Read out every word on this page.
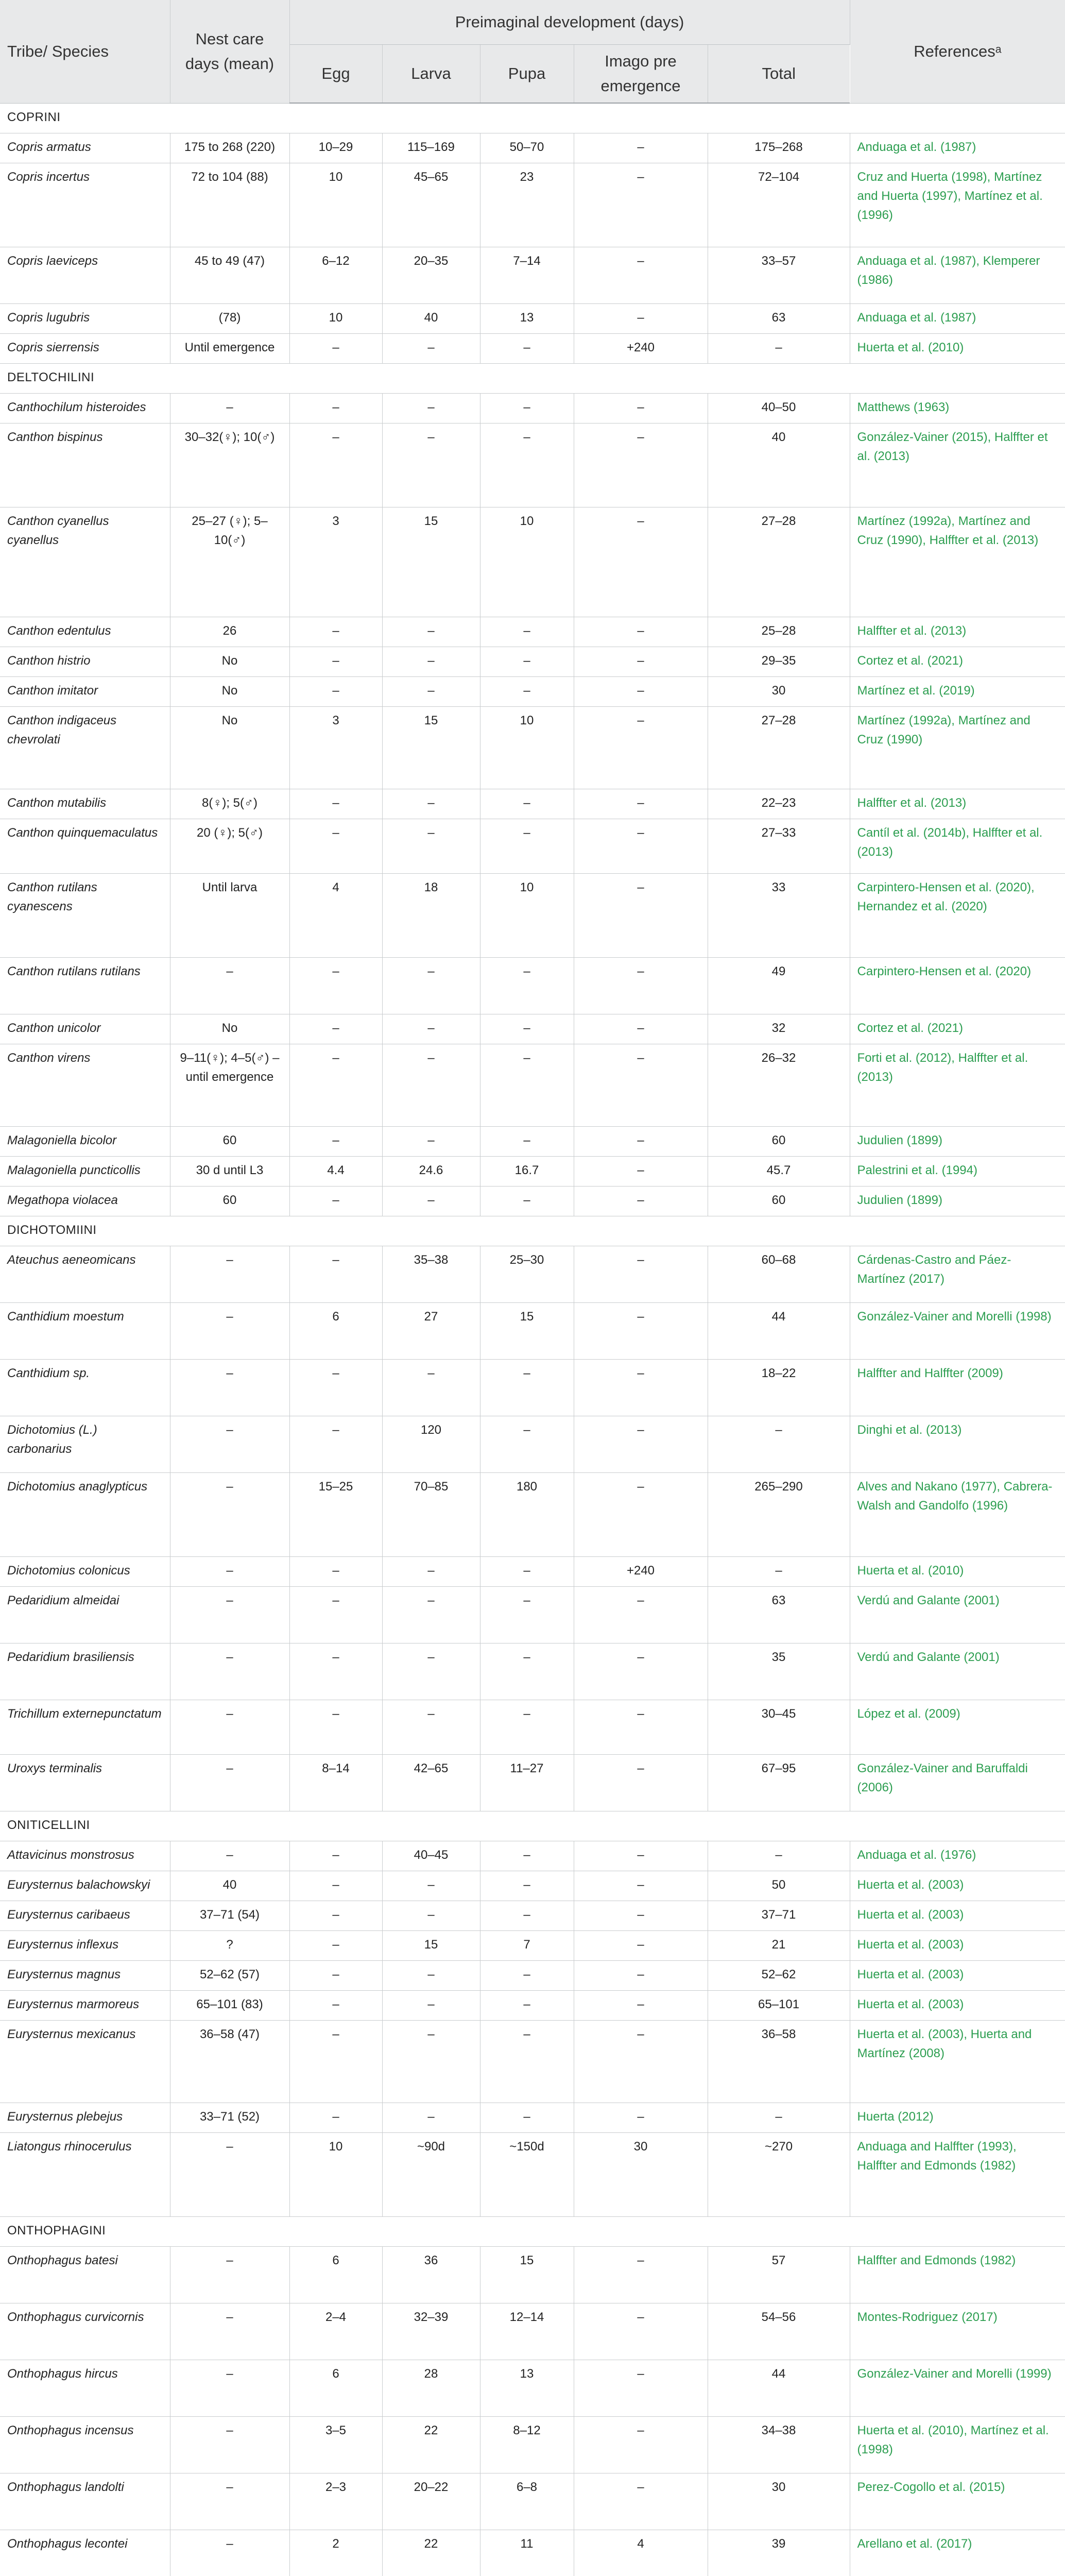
Tribe/ Species	Nest care days (mean)	Preimaginal development (days)					Referencesᵃ
		Egg	Larva	Pupa	Imago pre emergence	Total	
COPRINI							
Copris armatus	175 to 268 (220)	10–29	115–169	50–70	–	175–268	Anduaga et al. (1987)
Copris incertus	72 to 104 (88)	10	45–65	23	–	72–104	Cruz and Huerta (1998), Martínez and Huerta (1997), Martínez et al. (1996)
Copris laeviceps	45 to 49 (47)	6–12	20–35	7–14	–	33–57	Anduaga et al. (1987), Klemperer (1986)
Copris lugubris	(78)	10	40	13	–	63	Anduaga et al. (1987)
Copris sierrensis	Until emergence	–	–	–	+240	–	Huerta et al. (2010)
DELTOCHILINI							
Canthochilum histeroides	–	–	–	–	–	40–50	Matthews (1963)
Canthon bispinus	30–32(♀); 10(♂)	–	–	–	–	40	González-Vainer (2015), Halffter et al. (2013)
Canthon cyanellus cyanellus	25–27 (♀); 5–10(♂)	3	15	10	–	27–28	Martínez (1992a), Martínez and Cruz (1990), Halffter et al. (2013)
Canthon edentulus	26	–	–	–	–	25–28	Halffter et al. (2013)
Canthon histrio	No	–	–	–	–	29–35	Cortez et al. (2021)
Canthon imitator	No	–	–	–	–	30	Martínez et al. (2019)
Canthon indigaceus chevrolati	No	3	15	10	–	27–28	Martínez (1992a), Martínez and Cruz (1990)
Canthon mutabilis	8(♀); 5(♂)	–	–	–	–	22–23	Halffter et al. (2013)
Canthon quinquemaculatus	20 (♀); 5(♂)	–	–	–	–	27–33	Cantíl et al. (2014b), Halffter et al. (2013)
Canthon rutilans cyanescens	Until larva	4	18	10	–	33	Carpintero-Hensen et al. (2020), Hernandez et al. (2020)
Canthon rutilans rutilans	–	–	–	–	–	49	Carpintero-Hensen et al. (2020)
Canthon unicolor	No	–	–	–	–	32	Cortez et al. (2021)
Canthon virens	9–11(♀); 4–5(♂) – until emergence	–	–	–	–	26–32	Forti et al. (2012), Halffter et al. (2013)
Malagoniella bicolor	60	–	–	–	–	60	Judulien (1899)
Malagoniella puncticollis	30 d until L3	4.4	24.6	16.7	–	45.7	Palestrini et al. (1994)
Megathopa violacea	60	–	–	–	–	60	Judulien (1899)
DICHOTOMIINI							
Ateuchus aeneomicans	–	–	35–38	25–30	–	60–68	Cárdenas-Castro and Páez-Martínez (2017)
Canthidium moestum	–	6	27	15	–	44	González-Vainer and Morelli (1998)
Canthidium sp.	–	–	–	–	–	18–22	Halffter and Halffter (2009)
Dichotomius (L.) carbonarius	–	–	120	–	–	–	Dinghi et al. (2013)
Dichotomius anaglypticus	–	15–25	70–85	180	–	265–290	Alves and Nakano (1977), Cabrera-Walsh and Gandolfo (1996)
Dichotomius colonicus	–	–	–	–	+240	–	Huerta et al. (2010)
Pedaridium almeidai	–	–	–	–	–	63	Verdú and Galante (2001)
Pedaridium brasiliensis	–	–	–	–	–	35	Verdú and Galante (2001)
Trichillum externepunctatum	–	–	–	–	–	30–45	López et al. (2009)
Uroxys terminalis	–	8–14	42–65	11–27	–	67–95	González-Vainer and Baruffaldi (2006)
ONITICELLINI							
Attavicinus monstrosus	–	–	40–45	–	–	–	Anduaga et al. (1976)
Eurysternus balachowskyi	40	–	–	–	–	50	Huerta et al. (2003)
Eurysternus caribaeus	37–71 (54)	–	–	–	–	37–71	Huerta et al. (2003)
Eurysternus inflexus	?	–	15	7	–	21	Huerta et al. (2003)
Eurysternus magnus	52–62 (57)	–	–	–	–	52–62	Huerta et al. (2003)
Eurysternus marmoreus	65–101 (83)	–	–	–	–	65–101	Huerta et al. (2003)
Eurysternus mexicanus	36–58 (47)	–	–	–	–	36–58	Huerta et al. (2003), Huerta and Martínez (2008)
Eurysternus plebejus	33–71 (52)	–	–	–	–	–	Huerta (2012)
Liatongus rhinocerulus	–	10	~90d	~150d	30	~270	Anduaga and Halffter (1993), Halffter and Edmonds (1982)
ONTHOPHAGINI							
Onthophagus batesi	–	6	36	15	–	57	Halffter and Edmonds (1982)
Onthophagus curvicornis	–	2–4	32–39	12–14	–	54–56	Montes-Rodriguez (2017)
Onthophagus hircus	–	6	28	13	–	44	González-Vainer and Morelli (1999)
Onthophagus incensus	–	3–5	22	8–12	–	34–38	Huerta et al. (2010), Martínez et al. (1998)
Onthophagus landolti	–	2–3	20–22	6–8	–	30	Perez-Cogollo et al. (2015)
Onthophagus lecontei	–	2	22	11	4	39	Arellano et al. (2017)
